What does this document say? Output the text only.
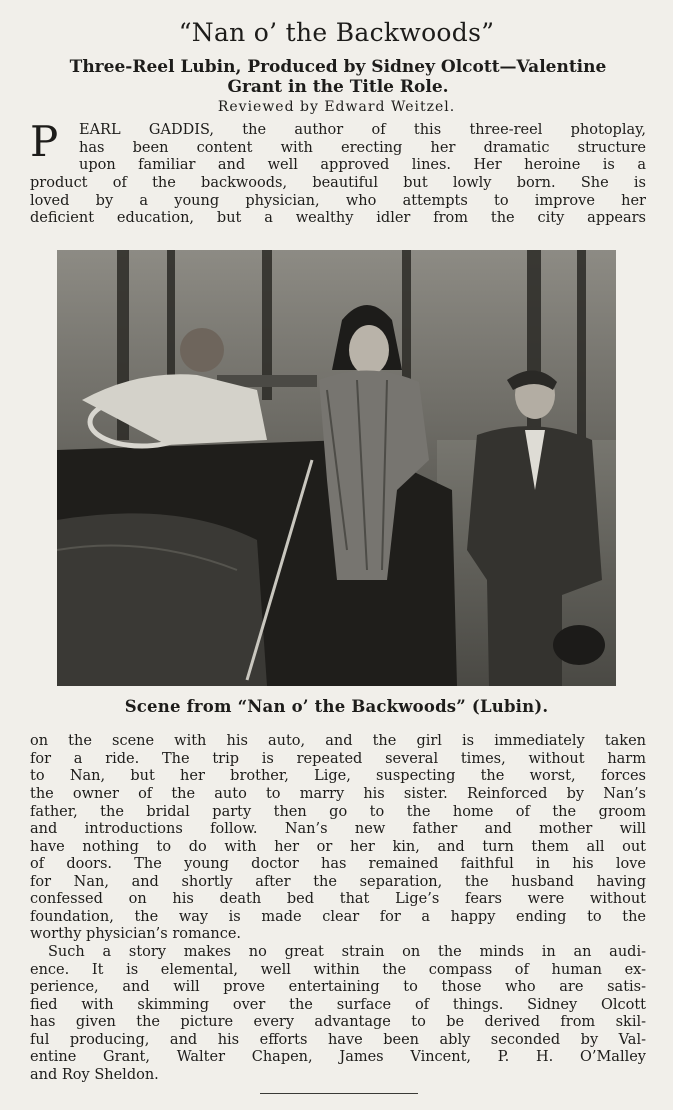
“Nan o’ the Backwoods”
Three-Reel Lubin, Produced by Sidney Olcott—Valentine
Grant in the Title Role.
Reviewed by Edward Weitzel.
P EARL GADDIS, the author of this three-reel photoplay,
has been content with erecting her dramatic structure
upon familiar and well approved lines. Her heroine is a
product of the backwoods, beautiful but lowly born. She is
loved by a young physician, who attempts to improve her
deficient education, but a wealthy idler from the city appears
Scene from “Nan o’ the Backwoods” (Lubin).
on the scene with his auto, and the girl is immediately taken
for a ride. The trip is repeated several times, without harm
to Nan, but her brother, Lige, suspecting the worst, forces
the owner of the auto to marry his sister. Reinforced by Nan’s
father, the bridal party then go to the home of the groom
and introductions follow. Nan’s new father and mother will
have nothing to do with her or her kin, and turn them all out
of doors. The young doctor has remained faithful in his love
for Nan, and shortly after the separation, the husband having
confessed on his death bed that Lige’s fears were without
foundation, the way is made clear for a happy ending to the
worthy physician’s romance.
Such a story makes no great strain on the minds in an audi-
ence. It is elemental, well within the compass of human ex-
perience, and will prove entertaining to those who are satis-
fied with skimming over the surface of things. Sidney Olcott
has given the picture every advantage to be derived from skil-
ful producing, and his efforts have been ably seconded by Val-
entine Grant, Walter Chapen, James Vincent, P. H. O’Malley
and Roy Sheldon.
